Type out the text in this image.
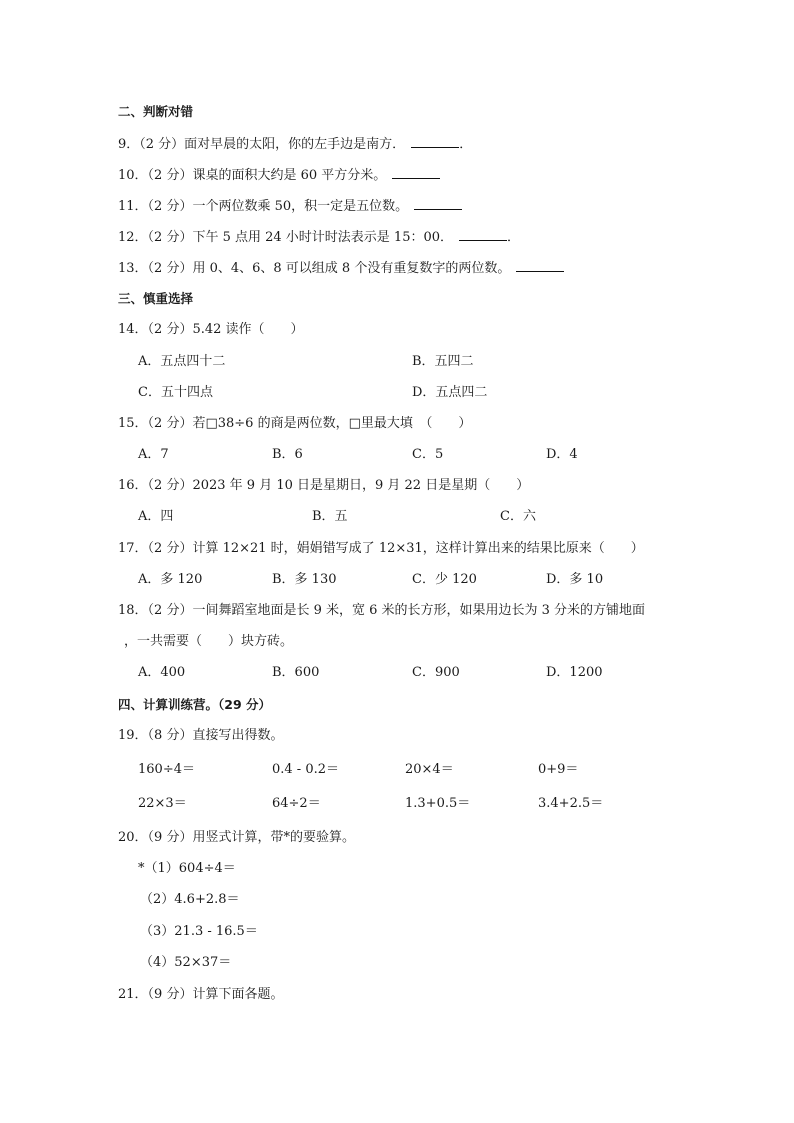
二、判断对错
9．（2 分）面对早晨的太阳，你的左手边是南方．	．
10．（2 分）课桌的面积大约是 60 平方分米。
11．（2 分）一个两位数乘 50，积一定是五位数。
12．（2 分）下午 5 点用 24 小时计时法表示是 15：00．	．
13．（2 分）用 0、4、6、8 可以组成 8 个没有重复数字的两位数。
三、慎重选择
14．（2 分）5.42 读作（　　）
A．五点四十二	B．五四二
C．五十四点	D．五点四二
15．（2 分）若□38÷6 的商是两位数，□里最大填　（　　）
A．7	B．6	C．5	D．4
16．（2 分）2023 年 9 月 10 日是星期日，9 月 22 日是星期（　　）
A．四	B．五	C．六
17．（2 分）计算 12×21 时，娟娟错写成了 12×31，这样计算出来的结果比原来（　　）
A．多 120	B．多 130	C．少 120	D．多 10
18．（2 分）一间舞蹈室地面是长 9 米，宽 6 米的长方形，如果用边长为 3 分米的方铺地面
，一共需要（　　）块方砖。
A．400	B．600	C．900	D．1200
四、计算训练营。（29 分）
19．（8 分）直接写出得数。
160÷4＝	0.4 - 0.2＝	20×4＝	0+9＝
22×3＝	64÷2＝	1.3+0.5＝	3.4+2.5＝
20．（9 分）用竖式计算，带*的要验算。
*（1）604÷4＝
（2）4.6+2.8＝
（3）21.3 - 16.5＝
（4）52×37＝
21．（9 分）计算下面各题。
